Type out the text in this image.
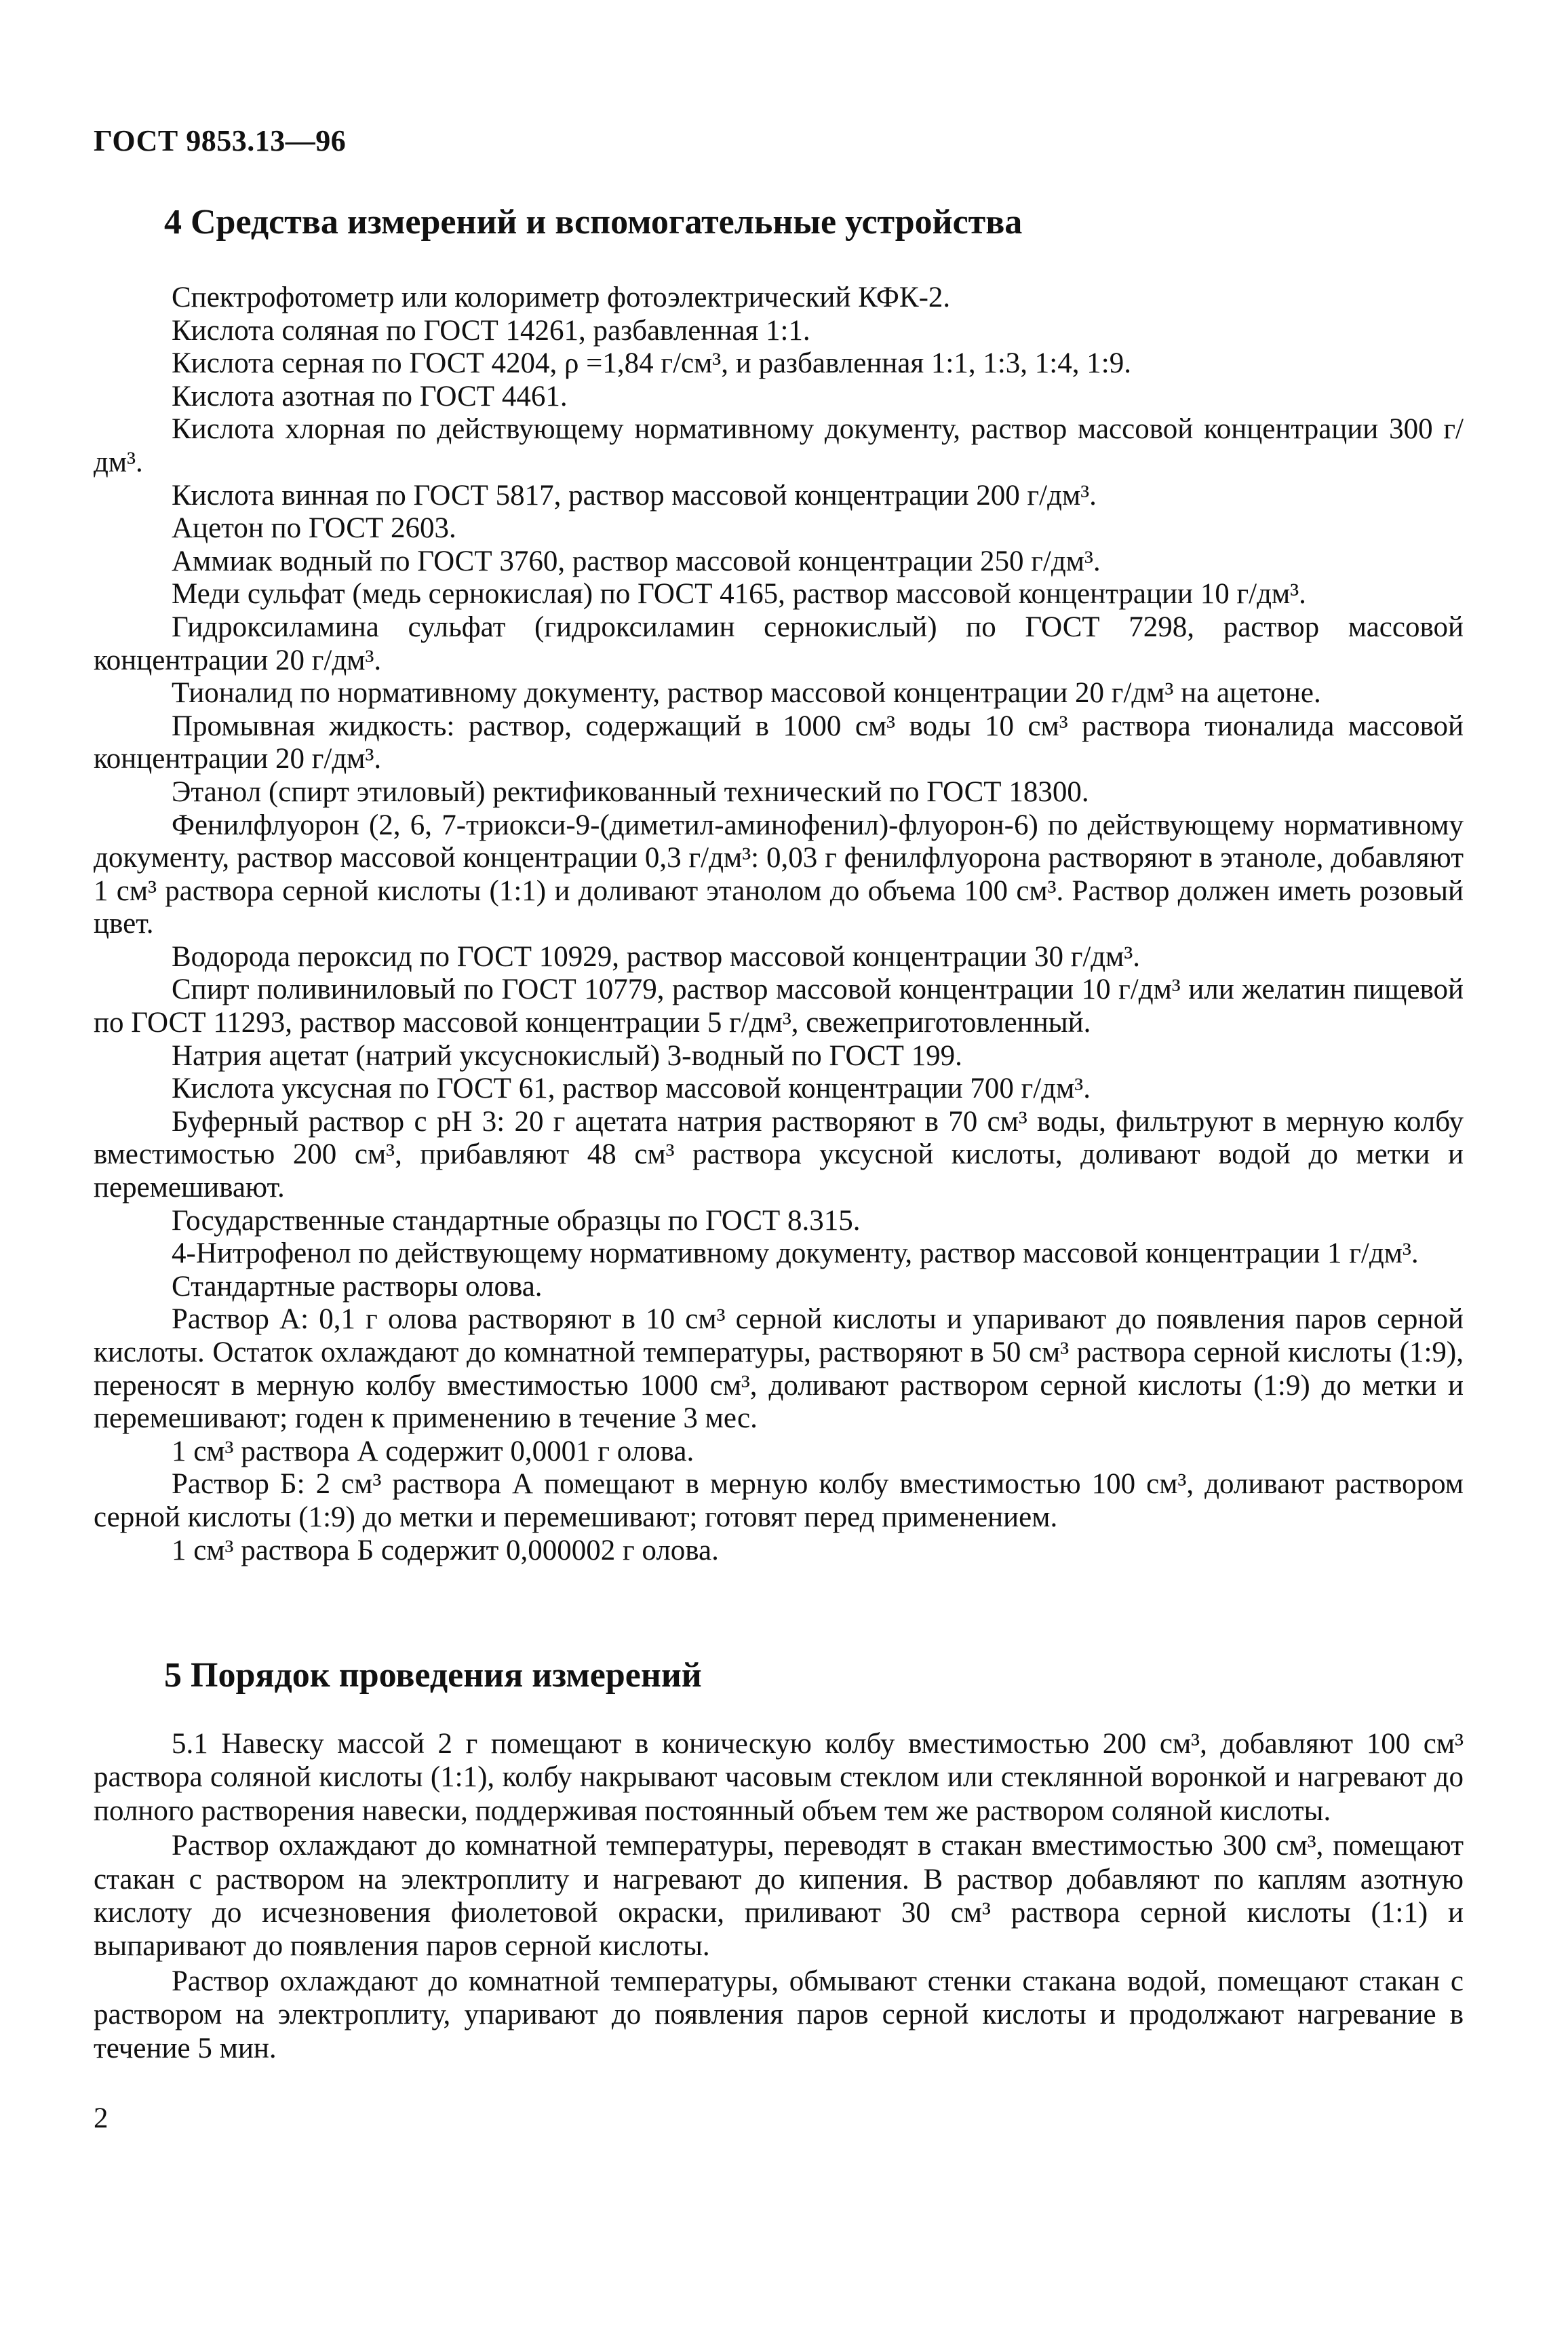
ГОСТ 9853.13—96

4 Средства измерений и вспомогательные устройства

Спектрофотометр или колориметр фотоэлектрический КФК-2.

Кислота соляная по ГОСТ 14261, разбавленная 1:1.

Кислота серная по ГОСТ 4204, ρ =1,84 г/см³, и разбавленная 1:1, 1:3, 1:4, 1:9.

Кислота азотная по ГОСТ 4461.

Кислота хлорная по действующему нормативному документу, раствор массовой концентрации 300 г/дм³.

Кислота винная по ГОСТ 5817, раствор массовой концентрации 200 г/дм³.

Ацетон по ГОСТ 2603.

Аммиак водный по ГОСТ 3760, раствор массовой концентрации 250 г/дм³.

Меди сульфат (медь сернокислая) по ГОСТ 4165, раствор массовой концентрации 10 г/дм³.

Гидроксиламина сульфат (гидроксиламин сернокислый) по ГОСТ 7298, раствор массовой концентрации 20 г/дм³.

Тионалид по нормативному документу, раствор массовой концентрации 20 г/дм³ на ацетоне.

Промывная жидкость: раствор, содержащий в 1000 см³ воды 10 см³ раствора тионалида массовой концентрации 20 г/дм³.

Этанол (спирт этиловый) ректификованный технический по ГОСТ 18300.

Фенилфлуорон (2, 6, 7-триокси-9-(диметил-аминофенил)-флуорон-6) по действующему нормативному документу, раствор массовой концентрации 0,3 г/дм³: 0,03 г фенилфлуорона растворяют в этаноле, добавляют 1 см³ раствора серной кислоты (1:1) и доливают этанолом до объема 100 см³. Раствор должен иметь розовый цвет.

Водорода пероксид по ГОСТ 10929, раствор массовой концентрации 30 г/дм³.

Спирт поливиниловый по ГОСТ 10779, раствор массовой концентрации 10 г/дм³ или желатин пищевой по ГОСТ 11293, раствор массовой концентрации 5 г/дм³, свежеприготовленный.

Натрия ацетат (натрий уксуснокислый) 3-водный по ГОСТ 199.

Кислота уксусная по ГОСТ 61, раствор массовой концентрации 700 г/дм³.

Буферный раствор с рН 3: 20 г ацетата натрия растворяют в 70 см³ воды, фильтруют в мерную колбу вместимостью 200 см³, прибавляют 48 см³ раствора уксусной кислоты, доливают водой до метки и перемешивают.

Государственные стандартные образцы по ГОСТ 8.315.

4-Нитрофенол по действующему нормативному документу, раствор массовой концентрации 1 г/дм³.

Стандартные растворы олова.

Раствор А: 0,1 г олова растворяют в 10 см³ серной кислоты и упаривают до появления паров серной кислоты. Остаток охлаждают до комнатной температуры, растворяют в 50 см³ раствора серной кислоты (1:9), переносят в мерную колбу вместимостью 1000 см³, доливают раствором серной кислоты (1:9) до метки и перемешивают; годен к применению в течение 3 мес.

1 см³ раствора А содержит 0,0001 г олова.

Раствор Б: 2 см³ раствора А помещают в мерную колбу вместимостью 100 см³, доливают раствором серной кислоты (1:9) до метки и перемешивают; готовят перед применением.

1 см³ раствора Б содержит 0,000002 г олова.

5 Порядок проведения измерений

5.1 Навеску массой 2 г помещают в коническую колбу вместимостью 200 см³, добавляют 100 см³ раствора соляной кислоты (1:1), колбу накрывают часовым стеклом или стеклянной воронкой и нагревают до полного растворения навески, поддерживая постоянный объем тем же раствором соляной кислоты.

Раствор охлаждают до комнатной температуры, переводят в стакан вместимостью 300 см³, помещают стакан с раствором на электроплиту и нагревают до кипения. В раствор добавляют по каплям азотную кислоту до исчезновения фиолетовой окраски, приливают 30 см³ раствора серной кислоты (1:1) и выпаривают до появления паров серной кислоты.

Раствор охлаждают до комнатной температуры, обмывают стенки стакана водой, помещают стакан с раствором на электроплиту, упаривают до появления паров серной кислоты и продолжают нагревание в течение 5 мин.

2
